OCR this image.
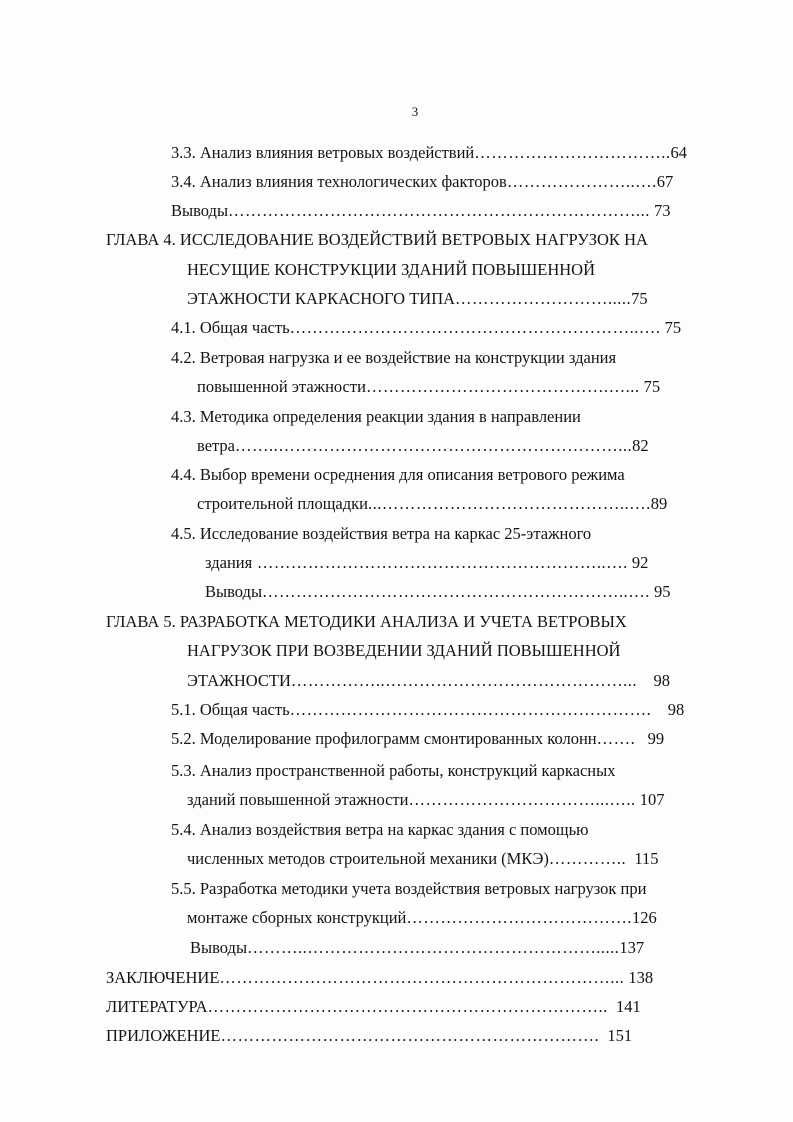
3
3.3. Анализ влияния ветровых воздействий……………………………..64
3.4. Анализ влияния технологических факторов…………………..….67
Выводы………………………………………………………………... 73
ГЛАВА 4. ИССЛЕДОВАНИЕ ВОЗДЕЙСТВИЙ ВЕТРОВЫХ НАГРУЗОК НА
НЕСУЩИЕ КОНСТРУКЦИИ ЗДАНИЙ ПОВЫШЕННОЙ
ЭТАЖНОСТИ КАРКАСНОГО ТИПА……………………….....75
4.1. Общая часть……………………………………………………..…. 75
4.2. Ветровая нагрузка и ее воздействие на конструкции здания
повышенной этажности…………………………………….…... 75
4.3. Методика определения реакции здания в направлении
ветра……..……………………………………………………...82
4.4. Выбор времени осреднения для описания ветрового режима
строительной площадки...……………………………………..….89
4.5. Исследование воздействия ветра на каркас 25-этажного
здания ……………………………………………………..…. 92
Выводы………………………………………………………..…. 95
ГЛАВА 5. РАЗРАБОТКА МЕТОДИКИ АНАЛИЗА И УЧЕТА ВЕТРОВЫХ
НАГРУЗОК ПРИ ВОЗВЕДЕНИИ ЗДАНИЙ ПОВЫШЕННОЙ
ЭТАЖНОСТИ……………..……………………………………... 98
5.1. Общая часть………………………………………………………. 98
5.2. Моделирование профилограмм смонтированных колонн……. 99
5.3. Анализ пространственной работы, конструкций каркасных
зданий повышенной этажности……………………………...….. 107
5.4. Анализ воздействия ветра на каркас здания с помощью
численных методов строительной механики (МКЭ)………….. 115
5.5. Разработка методики учета воздействия ветровых нагрузок при
монтаже сборных конструкций………………………………….126
Выводы………..…………………………………………….....137
ЗАКЛЮЧЕНИЕ……………………………………………………………... 138
ЛИТЕРАТУРА…………………………………………………………….. 141
ПРИЛОЖЕНИЕ…………………………………………………………. 151
